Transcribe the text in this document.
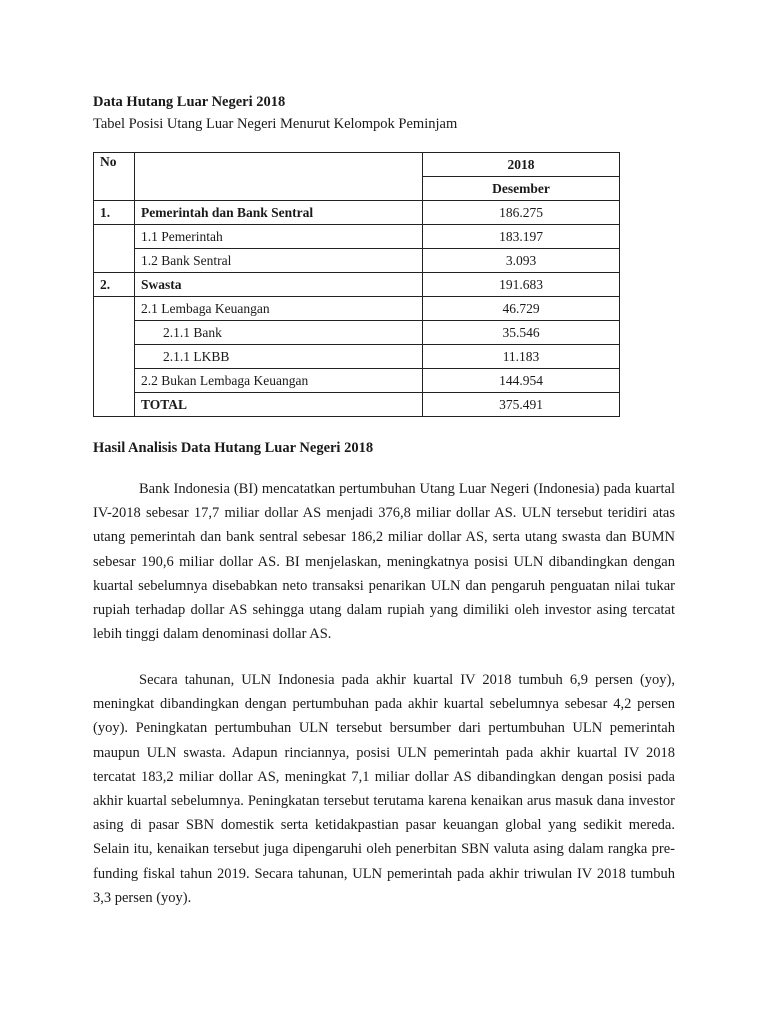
Data Hutang Luar Negeri 2018

Tabel Posisi Utang Luar Negeri Menurut Kelompok Peminjam

No		2018
		Desember
1.	Pemerintah dan Bank Sentral	186.275
	1.1 Pemerintah	183.197
	1.2 Bank Sentral	3.093
2.	Swasta	191.683
	2.1 Lembaga Keuangan	46.729
	2.1.1 Bank	35.546
	2.1.1 LKBB	11.183
	2.2 Bukan Lembaga Keuangan	144.954
	TOTAL	375.491

Hasil Analisis Data Hutang Luar Negeri 2018

Bank Indonesia (BI) mencatatkan pertumbuhan Utang Luar Negeri (Indonesia) pada kuartal IV-2018 sebesar 17,7 miliar dollar AS menjadi 376,8 miliar dollar AS. ULN tersebut teridiri atas utang pemerintah dan bank sentral sebesar 186,2 miliar dollar AS, serta utang swasta dan BUMN sebesar 190,6 miliar dollar AS. BI menjelaskan, meningkatnya posisi ULN dibandingkan dengan kuartal sebelumnya disebabkan neto transaksi penarikan ULN dan pengaruh penguatan nilai tukar rupiah terhadap dollar AS sehingga utang dalam rupiah yang dimiliki oleh investor asing tercatat lebih tinggi dalam denominasi dollar AS.

Secara tahunan, ULN Indonesia pada akhir kuartal IV 2018 tumbuh 6,9 persen (yoy), meningkat dibandingkan dengan pertumbuhan pada akhir kuartal sebelumnya sebesar 4,2 persen (yoy). Peningkatan pertumbuhan ULN tersebut bersumber dari pertumbuhan ULN pemerintah maupun ULN swasta. Adapun rinciannya, posisi ULN pemerintah pada akhir kuartal IV 2018 tercatat 183,2 miliar dollar AS, meningkat 7,1 miliar dollar AS dibandingkan dengan posisi pada akhir kuartal sebelumnya. Peningkatan tersebut terutama karena kenaikan arus masuk dana investor asing di pasar SBN domestik serta ketidakpastian pasar keuangan global yang sedikit mereda. Selain itu, kenaikan tersebut juga dipengaruhi oleh penerbitan SBN valuta asing dalam rangka pre-funding fiskal tahun 2019. Secara tahunan, ULN pemerintah pada akhir triwulan IV 2018 tumbuh 3,3 persen (yoy).
